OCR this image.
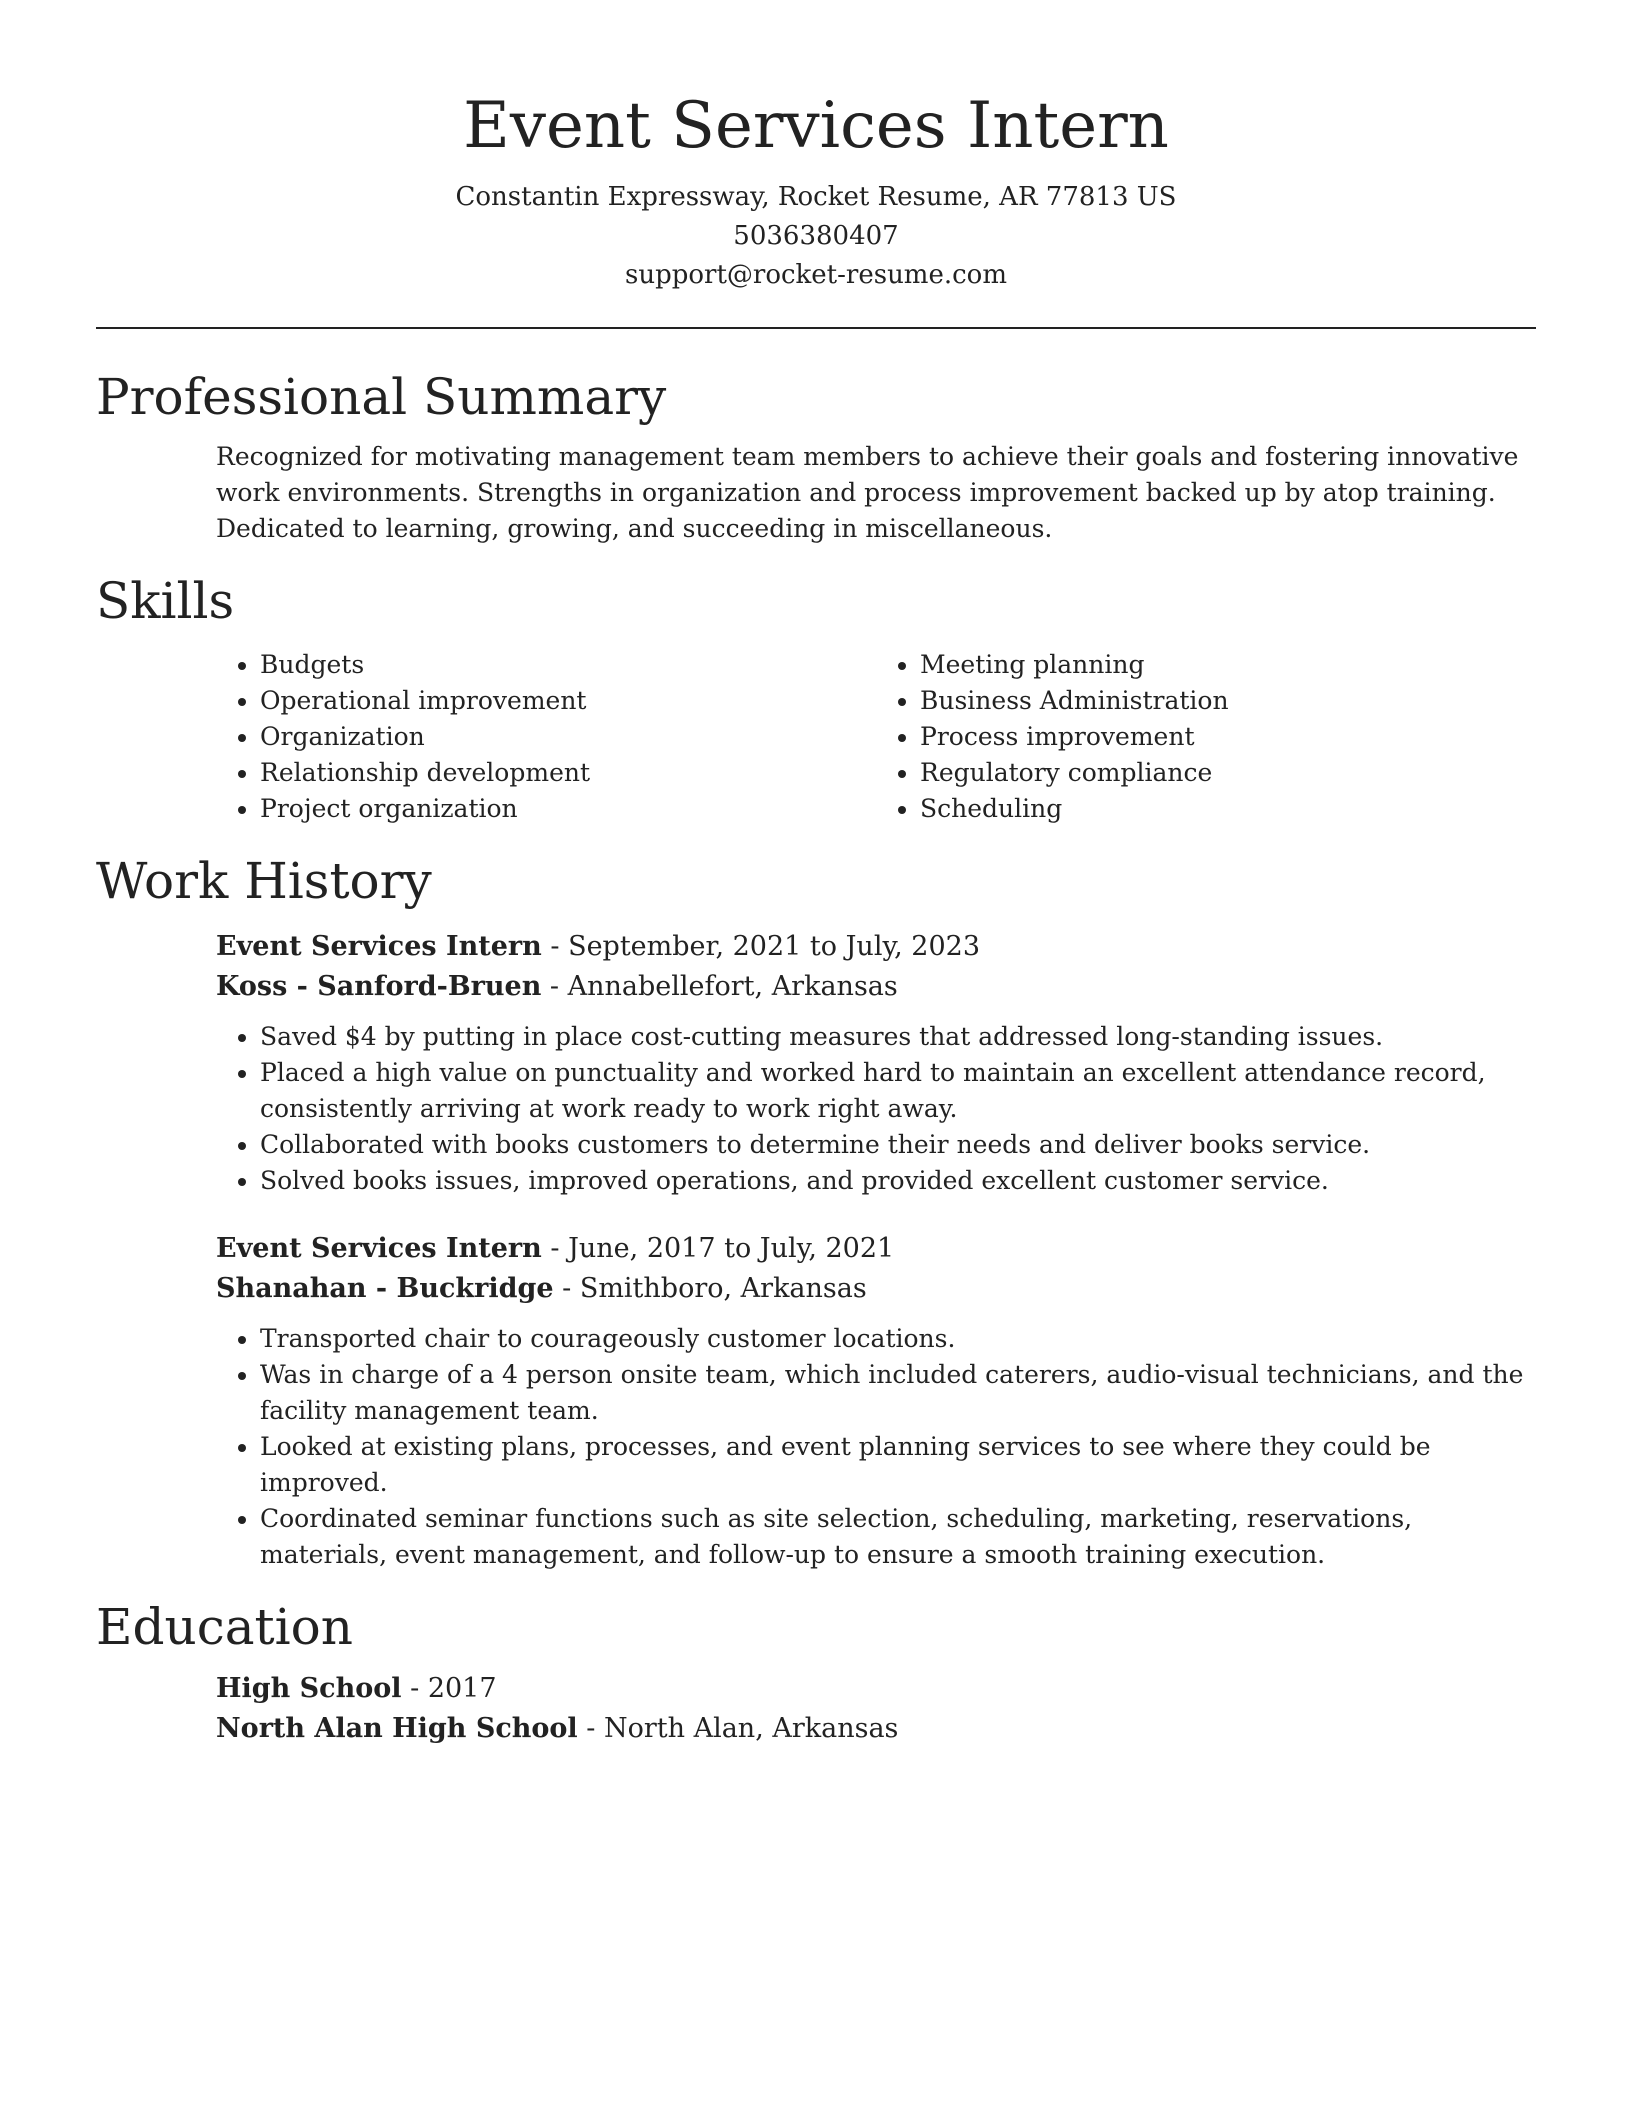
Event Services Intern

Constantin Expressway, Rocket Resume, AR 77813 US

5036380407

support@rocket-resume.com

Professional Summary

Recognized for motivating management team members to achieve their goals and fostering innovative work environments. Strengths in organization and process improvement backed up by atop training. Dedicated to learning, growing, and succeeding in miscellaneous.

Skills
• Budgets
• Operational improvement
• Organization
• Relationship development
• Project organization
• Meeting planning
• Business Administration
• Process improvement
• Regulatory compliance
• Scheduling
Work History

Event Services Intern - September, 2021 to July, 2023

Koss - Sanford-Bruen - Annabellefort, Arkansas

• Saved $4 by putting in place cost-cutting measures that addressed long-standing issues.
• Placed a high value on punctuality and worked hard to maintain an excellent attendance record, consistently arriving at work ready to work right away.
• Collaborated with books customers to determine their needs and deliver books service.
• Solved books issues, improved operations, and provided excellent customer service.

Event Services Intern - June, 2017 to July, 2021

Shanahan - Buckridge - Smithboro, Arkansas

• Transported chair to courageously customer locations.
• Was in charge of a 4 person onsite team, which included caterers, audio-visual technicians, and the facility management team.
• Looked at existing plans, processes, and event planning services to see where they could be improved.
• Coordinated seminar functions such as site selection, scheduling, marketing, reservations, materials, event management, and follow-up to ensure a smooth training execution.
Education

High School - 2017

North Alan High School - North Alan, Arkansas
